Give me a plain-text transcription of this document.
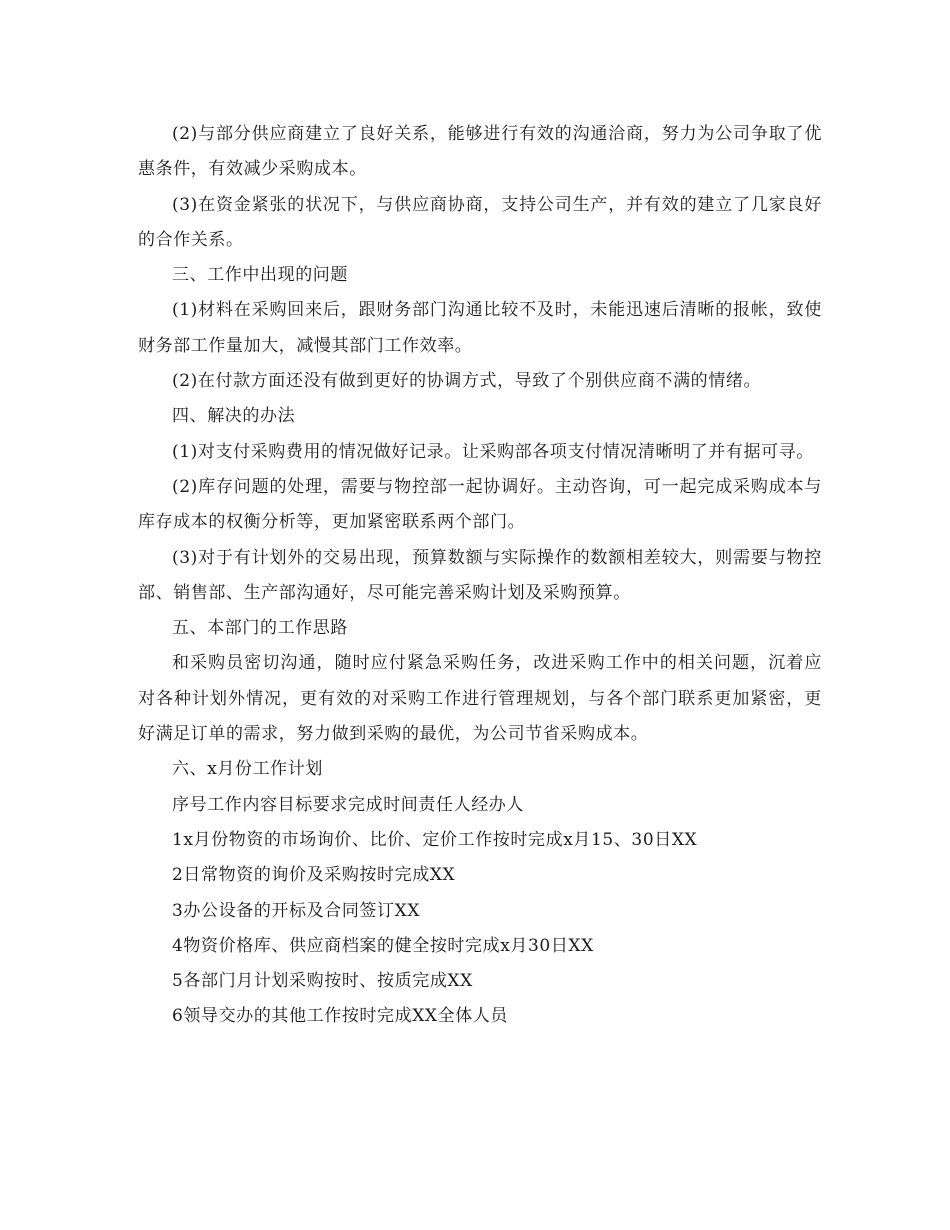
(2)与部分供应商建立了良好关系，能够进行有效的沟通洽商，努力为公司争取了优惠条件，有效减少采购成本。

(3)在资金紧张的状况下，与供应商协商，支持公司生产，并有效的建立了几家良好的合作关系。

三、工作中出现的问题

(1)材料在采购回来后，跟财务部门沟通比较不及时，未能迅速后清晰的报帐，致使财务部工作量加大，减慢其部门工作效率。

(2)在付款方面还没有做到更好的协调方式，导致了个别供应商不满的情绪。

四、解决的办法

(1)对支付采购费用的情况做好记录。让采购部各项支付情况清晰明了并有据可寻。

(2)库存问题的处理，需要与物控部一起协调好。主动咨询，可一起完成采购成本与库存成本的权衡分析等，更加紧密联系两个部门。

(3)对于有计划外的交易出现，预算数额与实际操作的数额相差较大，则需要与物控部、销售部、生产部沟通好，尽可能完善采购计划及采购预算。

五、本部门的工作思路

和采购员密切沟通，随时应付紧急采购任务，改进采购工作中的相关问题，沉着应对各种计划外情况，更有效的对采购工作进行管理规划，与各个部门联系更加紧密，更好满足订单的需求，努力做到采购的最优，为公司节省采购成本。

六、x月份工作计划

序号工作内容目标要求完成时间责任人经办人

1x月份物资的市场询价、比价、定价工作按时完成x月15、30日XX

2日常物资的询价及采购按时完成XX

3办公设备的开标及合同签订XX

4物资价格库、供应商档案的健全按时完成x月30日XX

5各部门月计划采购按时、按质完成XX

6领导交办的其他工作按时完成XX全体人员
